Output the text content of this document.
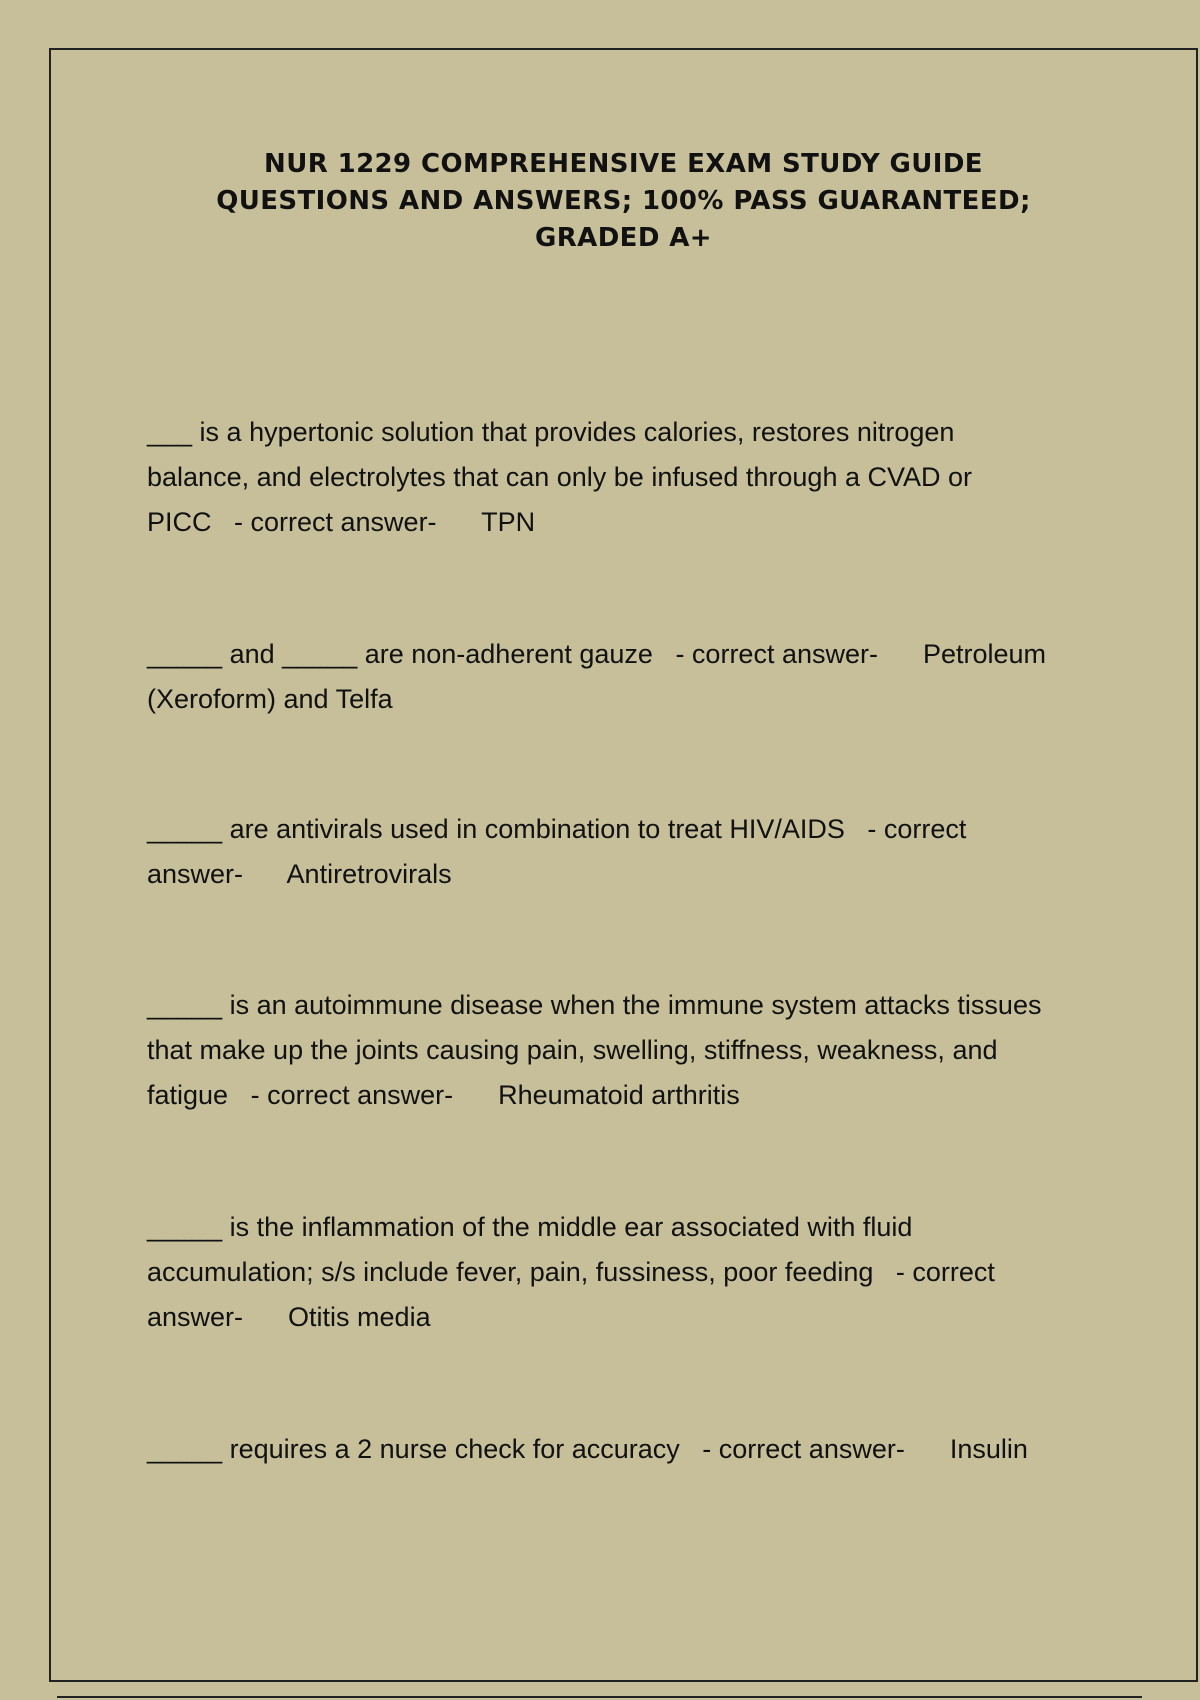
NUR 1229 COMPREHENSIVE EXAM STUDY GUIDE
QUESTIONS AND ANSWERS; 100% PASS GUARANTEED;
GRADED A+
___ is a hypertonic solution that provides calories, restores nitrogen
balance, and electrolytes that can only be infused through a CVAD or
PICC   - correct answer-      TPN
_____ and _____ are non-adherent gauze   - correct answer-      Petroleum
(Xeroform) and Telfa
_____ are antivirals used in combination to treat HIV/AIDS   - correct
answer-      Antiretrovirals
_____ is an autoimmune disease when the immune system attacks tissues
that make up the joints causing pain, swelling, stiffness, weakness, and
fatigue   - correct answer-      Rheumatoid arthritis
_____ is the inflammation of the middle ear associated with fluid
accumulation; s/s include fever, pain, fussiness, poor feeding   - correct
answer-      Otitis media
_____ requires a 2 nurse check for accuracy   - correct answer-      Insulin
